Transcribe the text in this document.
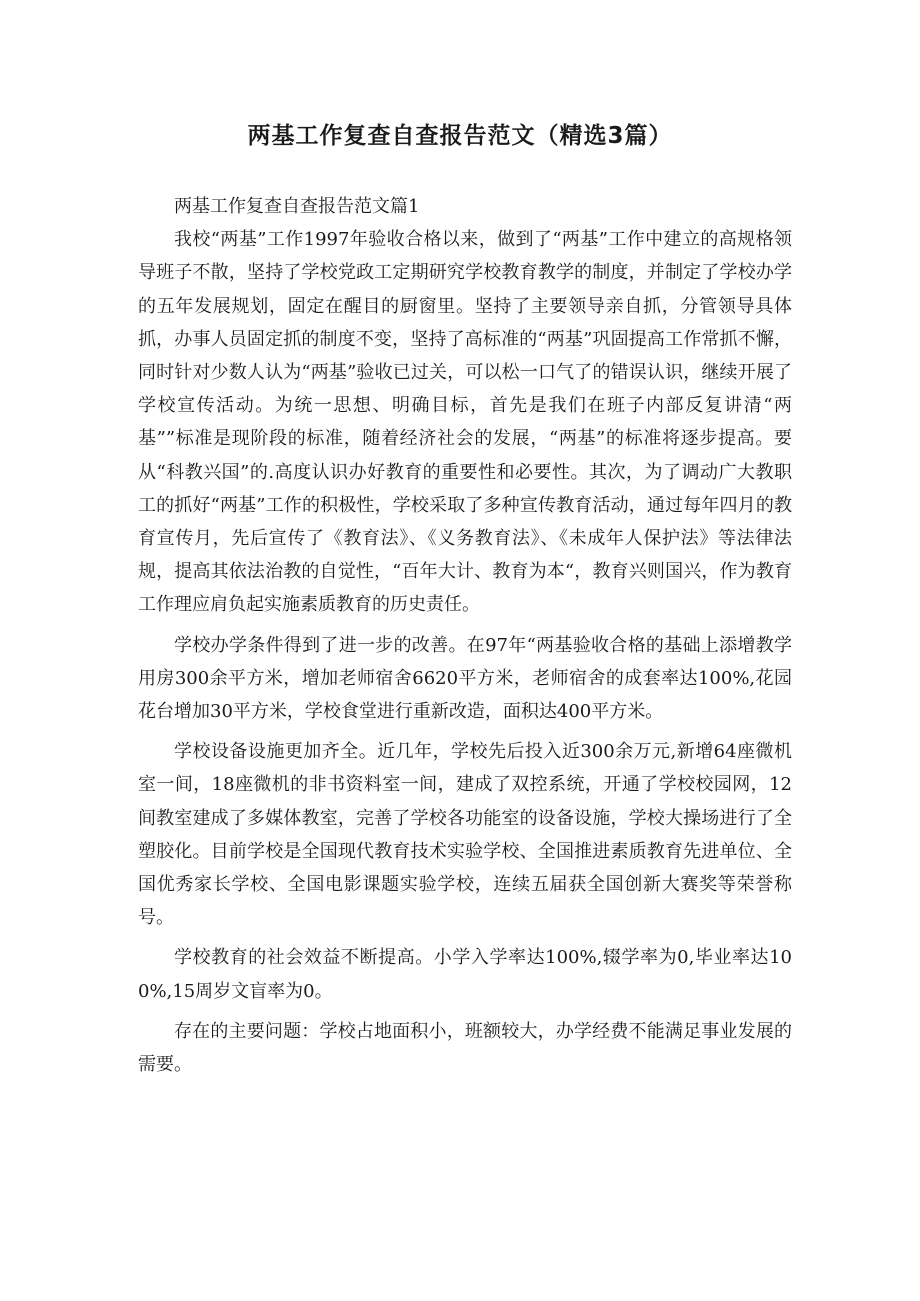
两基工作复查自查报告范文（精选3篇）

两基工作复查自查报告范文篇1

我校“两基”工作1997年验收合格以来，做到了“两基”工作中建立的高规格领导班子不散，坚持了学校党政工定期研究学校教育教学的制度，并制定了学校办学的五年发展规划，固定在醒目的厨窗里。坚持了主要领导亲自抓，分管领导具体抓，办事人员固定抓的制度不变，坚持了高标准的“两基”巩固提高工作常抓不懈，同时针对少数人认为“两基”验收已过关，可以松一口气了的错误认识，继续开展了学校宣传活动。为统一思想、明确目标，首先是我们在班子内部反复讲清“两基””标准是现阶段的标准，随着经济社会的发展，“两基”的标准将逐步提高。要从“科教兴国”的.高度认识办好教育的重要性和必要性。其次，为了调动广大教职工的抓好“两基”工作的积极性，学校采取了多种宣传教育活动，通过每年四月的教育宣传月，先后宣传了《教育法》、《义务教育法》、《未成年人保护法》等法律法规，提高其依法治教的自觉性，“百年大计、教育为本“，教育兴则国兴，作为教育工作理应肩负起实施素质教育的历史责任。

学校办学条件得到了进一步的改善。在97年“两基验收合格的基础上添增教学用房300余平方米，增加老师宿舍6620平方米，老师宿舍的成套率达100%,花园花台增加30平方米，学校食堂进行重新改造，面积达400平方米。

学校设备设施更加齐全。近几年，学校先后投入近300余万元,新增64座微机室一间，18座微机的非书资料室一间，建成了双控系统，开通了学校校园网，12间教室建成了多媒体教室，完善了学校各功能室的设备设施，学校大操场进行了全塑胶化。目前学校是全国现代教育技术实验学校、全国推进素质教育先进单位、全国优秀家长学校、全国电影课题实验学校，连续五届获全国创新大赛奖等荣誉称号。

学校教育的社会效益不断提高。小学入学率达100%,辍学率为0,毕业率达100%,15周岁文盲率为0。

存在的主要问题：学校占地面积小，班额较大，办学经费不能满足事业发展的需要。
